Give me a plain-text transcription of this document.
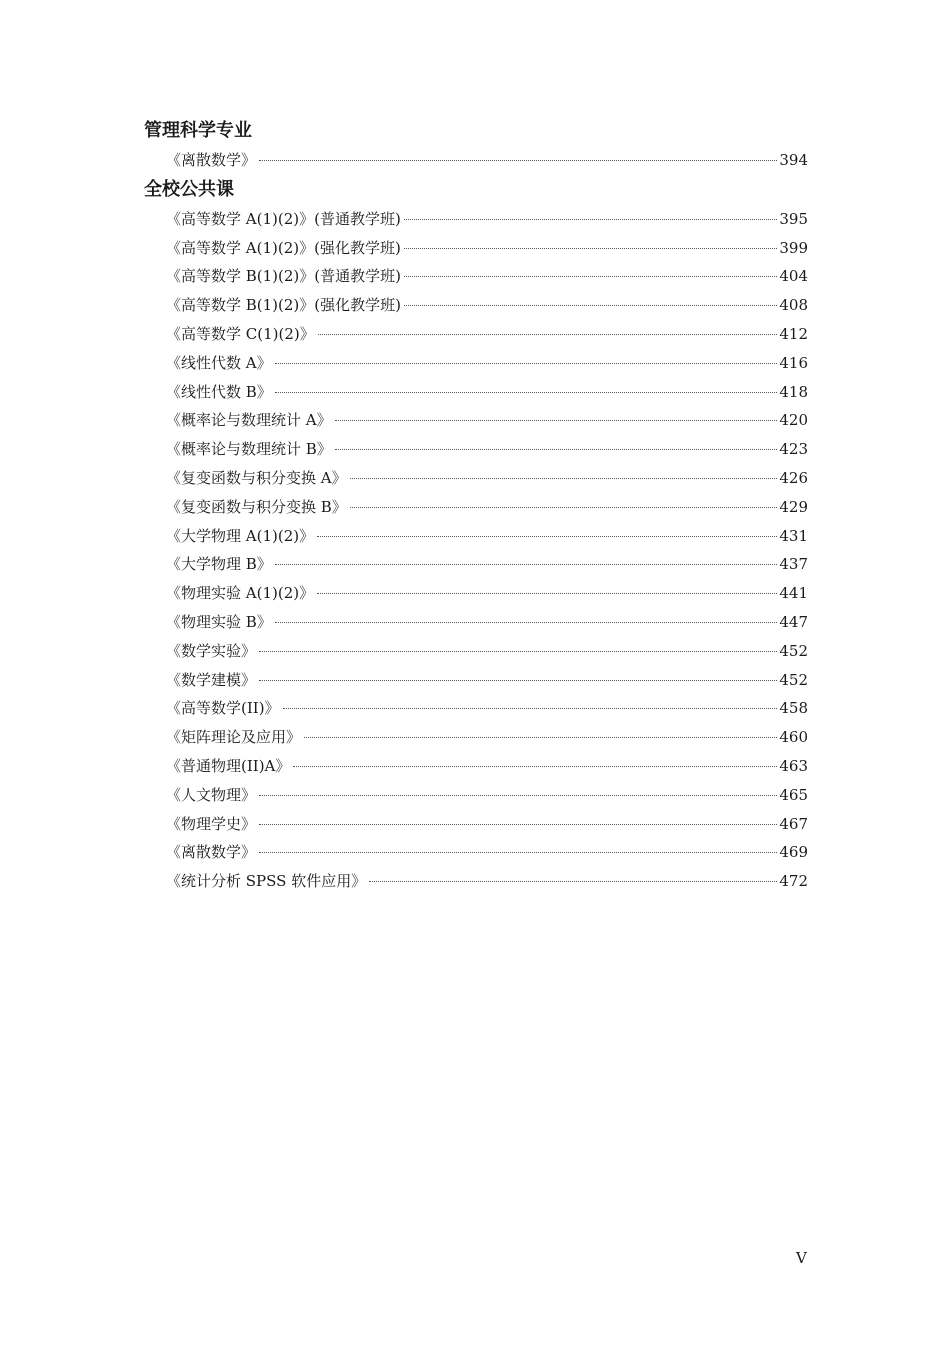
管理科学专业
《离散数学》	394
全校公共课
《高等数学 A(1)(2)》(普通教学班)	395
《高等数学 A(1)(2)》(强化教学班)	399
《高等数学 B(1)(2)》(普通教学班)	404
《高等数学 B(1)(2)》(强化教学班)	408
《高等数学 C(1)(2)》	412
《线性代数 A》	416
《线性代数 B》	418
《概率论与数理统计 A》	420
《概率论与数理统计 B》	423
《复变函数与积分变换 A》	426
《复变函数与积分变换 B》	429
《大学物理 A(1)(2)》	431
《大学物理 B》	437
《物理实验 A(1)(2)》	441
《物理实验 B》	447
《数学实验》	452
《数学建模》	452
《高等数学(II)》	458
《矩阵理论及应用》	460
《普通物理(II)A》	463
《人文物理》	465
《物理学史》	467
《离散数学》	469
《统计分析 SPSS 软件应用》	472
V
